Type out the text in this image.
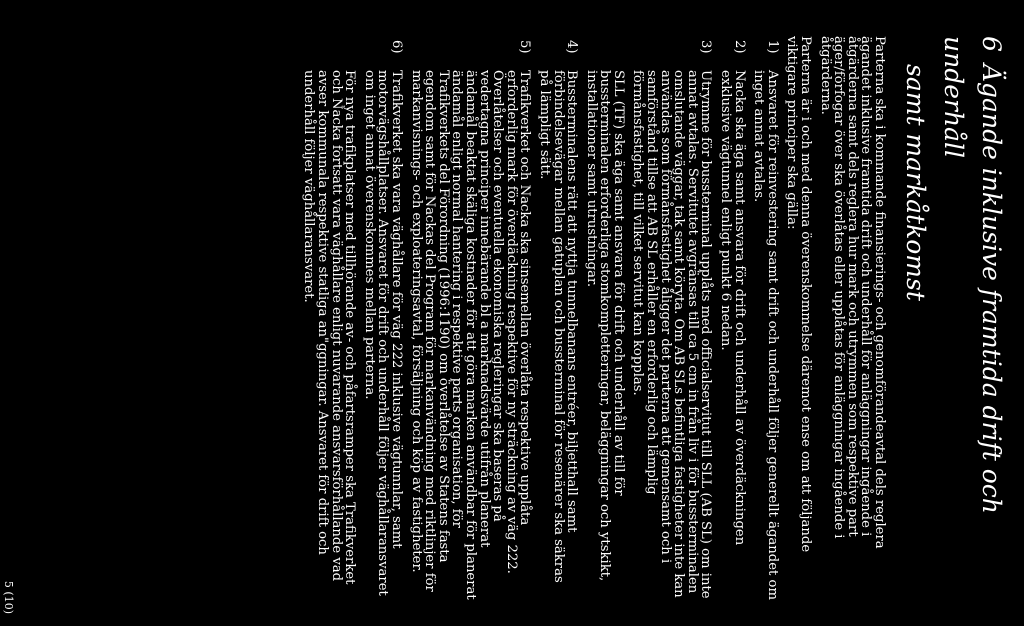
6Ägande inklusive framtida drift och underhåll
samt markåtkomst

Parterna ska i kommande finansierings- och genomförandeavtal dels reglera ägandet inklusive framtida drift och underhåll för anläggningar ingående i åtgärderna samt dels reglera hur mark och utrymmen som respektive part äger/förfogar över ska överlåtas eller upplåtas för anläggningar ingående i åtgärderna.

Parterna är i och med denna överenskommelse däremot ense om att följande viktigare principer ska gälla:

1)

Ansvaret för reinvestering samt drift och underhåll följer generellt ägandet om inget annat avtalas.

2)

Nacka ska äga samt ansvara för drift och underhåll av överdäckningen exklusive vägtunnel enligt punkt 6 nedan.

3)

Utrymme för bussterminal upplåts med officialservitut till SLL (AB SL) om inte annat avtalas. Servitutet avgränsas till ca 5 cm in från liv i för bussterminalen omslutande väggar, tak samt köryta. Om AB SLs befintliga fastigheter inte kan användas som förmånsfastighet åligger det parterna att gemensamt och i samförstånd tillse att AB SL erhåller en erforderlig och lämplig förmånsfastighet, till vilket servitut kan kopplas.

SLL (TF) ska äga samt ansvara för drift och underhåll av till för bussterminalen erforderliga stomkompletteringar, beläggningar och ytskikt, installationer samt utrustningar.

4)

Bussterminalens rätt att nyttja tunnelbanans entréer, biljetthall samt förbindelsevägar mellan gatuplan och bussterminal för resenärer ska säkras på lämpligt sätt.

5)

Trafikverket och Nacka ska sinsemellan överlåta respektive upplåta erforderlig mark för överdäckning respektive för ny sträckning av väg 222. Överlåtelser och eventuella ekonomiska regleringar ska baseras på vedertagna principer innebärande bl a marknadsvärde utifrån planerat ändamål beaktat skäliga kostnader för att göra marken användbar för planerat ändamål enligt normal hantering i respektive parts organisation, för Trafikverkets del Förordning (1996:1190) om överlåtelse av Statens fasta egendom samt för Nackas del Program för markanvändning med riktlinjer för markanvisnings- och exploateringsavtal, försäljning och köp av fastigheter.

6)

Trafikverket ska vara väghållare för väg 222 inklusive vägtunnlar, samt motorvägshållplatser. Ansvaret för drift och underhåll följer väghållaransvaret om inget annat överenskommes mellan parterna.

För nya trafikplatser med tillhörande av- och påfartsramper ska Trafikverket och Nacka fortsatt vara väghållare enligt nuvarande ansvarsförhållande vad avser kommunala respektive statliga an"ggningar. Ansvaret för drift och underhåll följer väghållaransvaret.

5 (10)
